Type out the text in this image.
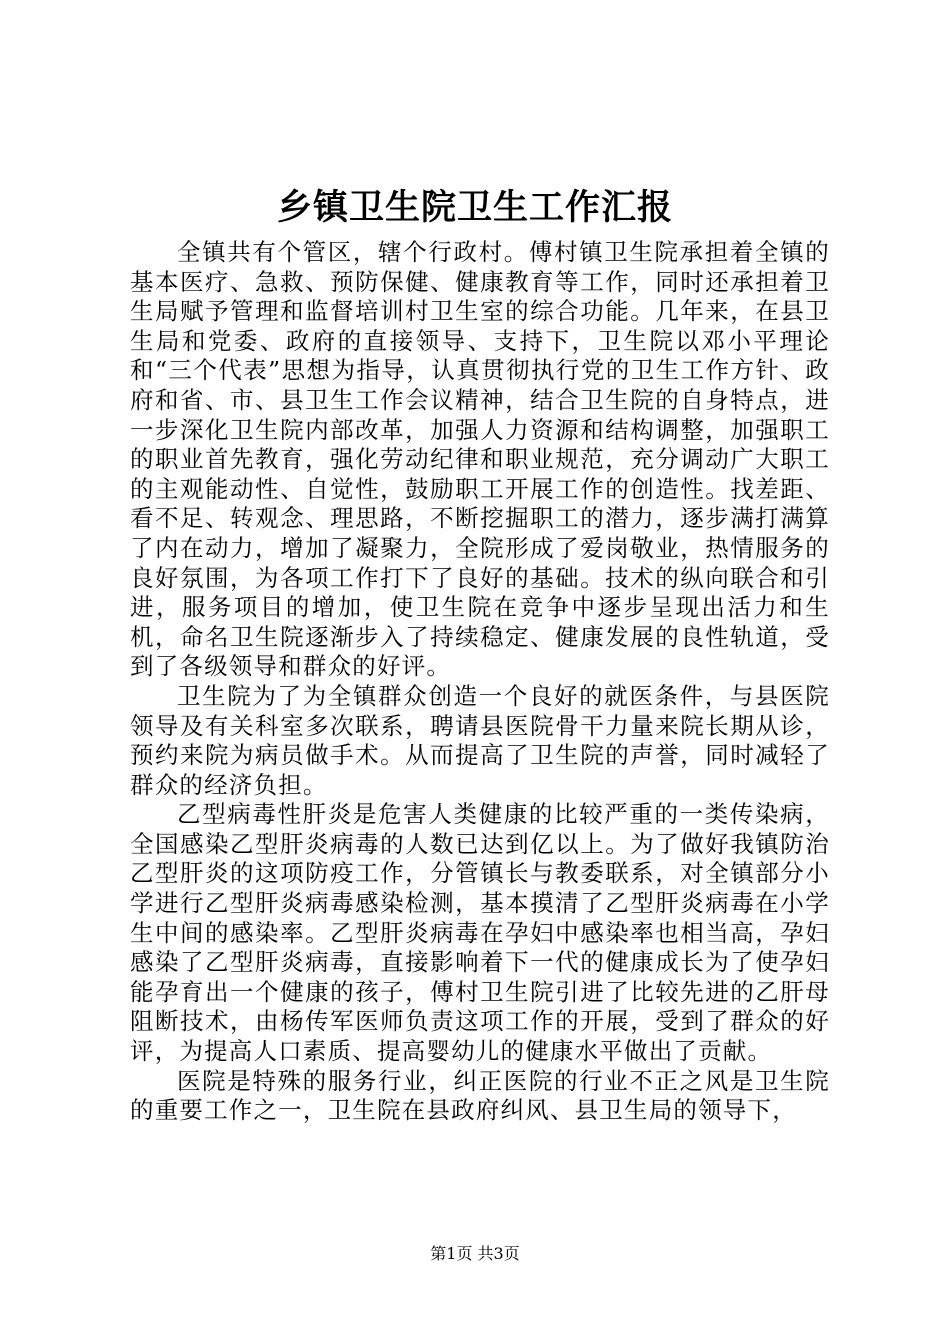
乡镇卫生院卫生工作汇报

全镇共有个管区，辖个行政村。傅村镇卫生院承担着全镇的基本医疗、急救、预防保健、健康教育等工作，同时还承担着卫生局赋予管理和监督培训村卫生室的综合功能。几年来，在县卫生局和党委、政府的直接领导、支持下，卫生院以邓小平理论和“三个代表”思想为指导，认真贯彻执行党的卫生工作方针、政府和省、市、县卫生工作会议精神，结合卫生院的自身特点，进一步深化卫生院内部改革，加强人力资源和结构调整，加强职工的职业首先教育，强化劳动纪律和职业规范，充分调动广大职工的主观能动性、自觉性，鼓励职工开展工作的创造性。找差距、看不足、转观念、理思路，不断挖掘职工的潜力，逐步满打满算了内在动力，增加了凝聚力，全院形成了爱岗敬业，热情服务的良好氛围，为各项工作打下了良好的基础。技术的纵向联合和引进，服务项目的增加，使卫生院在竞争中逐步呈现出活力和生机，命名卫生院逐渐步入了持续稳定、健康发展的良性轨道，受到了各级领导和群众的好评。

卫生院为了为全镇群众创造一个良好的就医条件，与县医院领导及有关科室多次联系，聘请县医院骨干力量来院长期从诊，预约来院为病员做手术。从而提高了卫生院的声誉，同时减轻了群众的经济负担。

乙型病毒性肝炎是危害人类健康的比较严重的一类传染病，全国感染乙型肝炎病毒的人数已达到亿以上。为了做好我镇防治乙型肝炎的这项防疫工作，分管镇长与教委联系，对全镇部分小学进行乙型肝炎病毒感染检测，基本摸清了乙型肝炎病毒在小学生中间的感染率。乙型肝炎病毒在孕妇中感染率也相当高，孕妇感染了乙型肝炎病毒，直接影响着下一代的健康成长为了使孕妇能孕育出一个健康的孩子，傅村卫生院引进了比较先进的乙肝母阻断技术，由杨传军医师负责这项工作的开展，受到了群众的好评，为提高人口素质、提高婴幼儿的健康水平做出了贡献。

医院是特殊的服务行业，纠正医院的行业不正之风是卫生院的重要工作之一，卫生院在县政府纠风、县卫生局的领导下，

第1页 共3页
